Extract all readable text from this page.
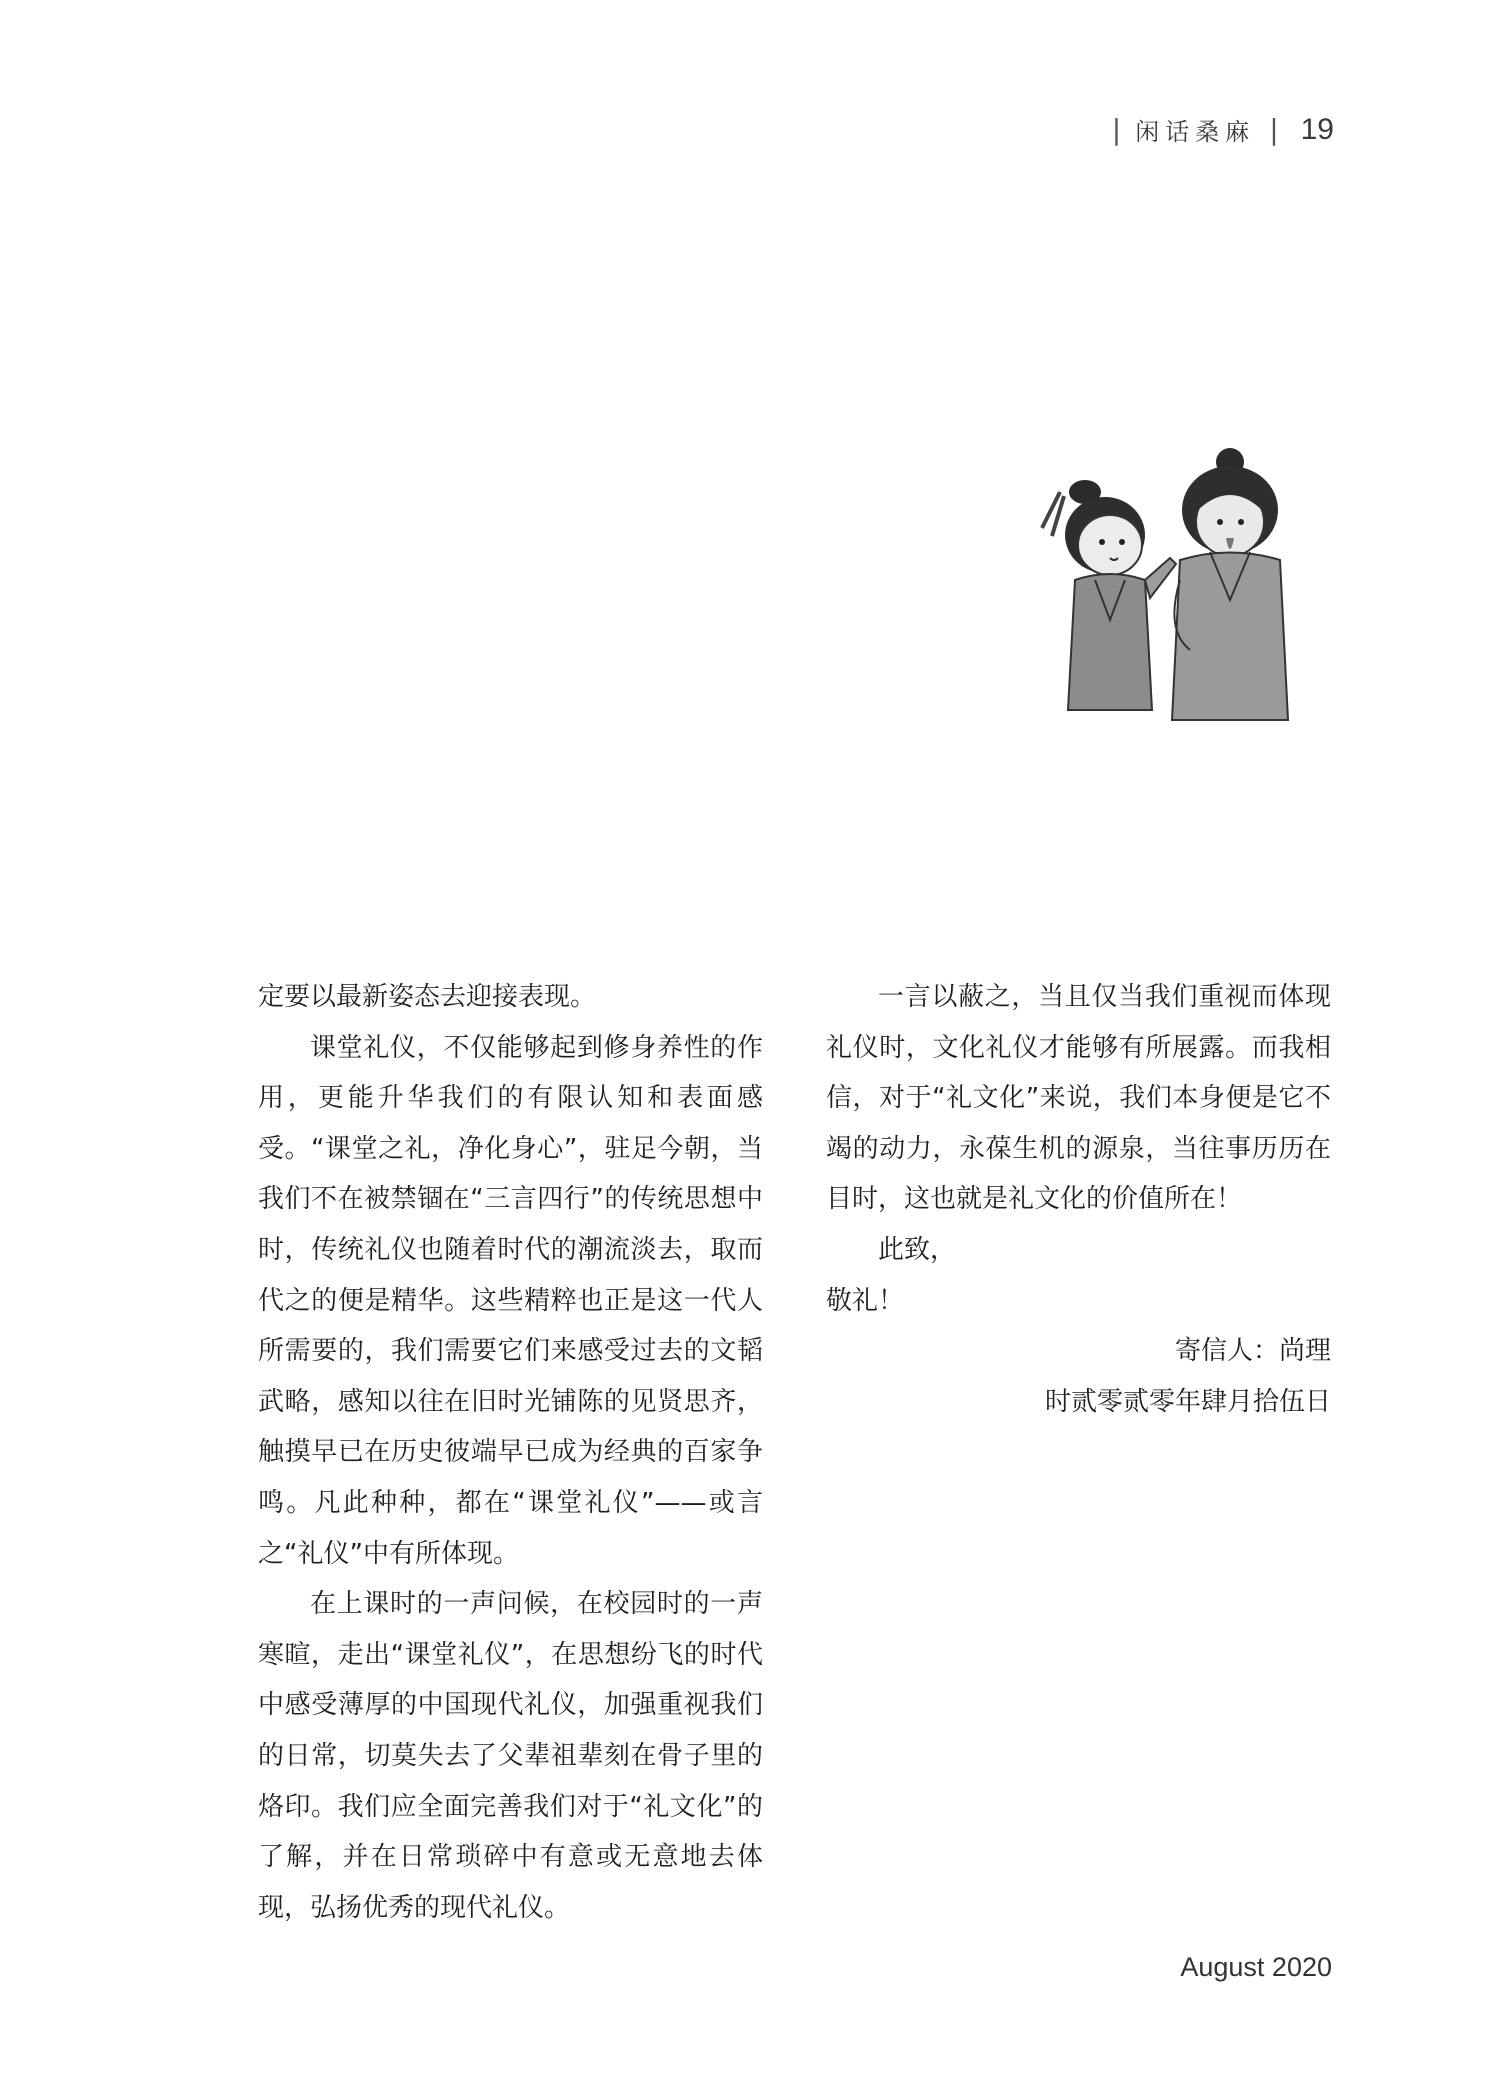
| 闲话桑麻 | 19

定要以最新姿态去迎接表现。

课堂礼仪，不仅能够起到修身养性的作用，更能升华我们的有限认知和表面感受。“课堂之礼，净化身心”，驻足今朝，当我们不在被禁锢在“三言四行”的传统思想中时，传统礼仪也随着时代的潮流淡去，取而代之的便是精华。这些精粹也正是这一代人所需要的，我们需要它们来感受过去的文韬武略，感知以往在旧时光铺陈的见贤思齐，触摸早已在历史彼端早已成为经典的百家争鸣。凡此种种，都在“课堂礼仪”——或言之“礼仪”中有所体现。

在上课时的一声问候，在校园时的一声寒暄，走出“课堂礼仪”，在思想纷飞的时代中感受薄厚的中国现代礼仪，加强重视我们的日常，切莫失去了父辈祖辈刻在骨子里的烙印。我们应全面完善我们对于“礼文化”的了解，并在日常琐碎中有意或无意地去体现，弘扬优秀的现代礼仪。

一言以蔽之，当且仅当我们重视而体现礼仪时，文化礼仪才能够有所展露。而我相信，对于“礼文化”来说，我们本身便是它不竭的动力，永葆生机的源泉，当往事历历在目时，这也就是礼文化的价值所在！

此致，

敬礼！

寄信人：尚理

时贰零贰零年肆月拾伍日

August 2020
